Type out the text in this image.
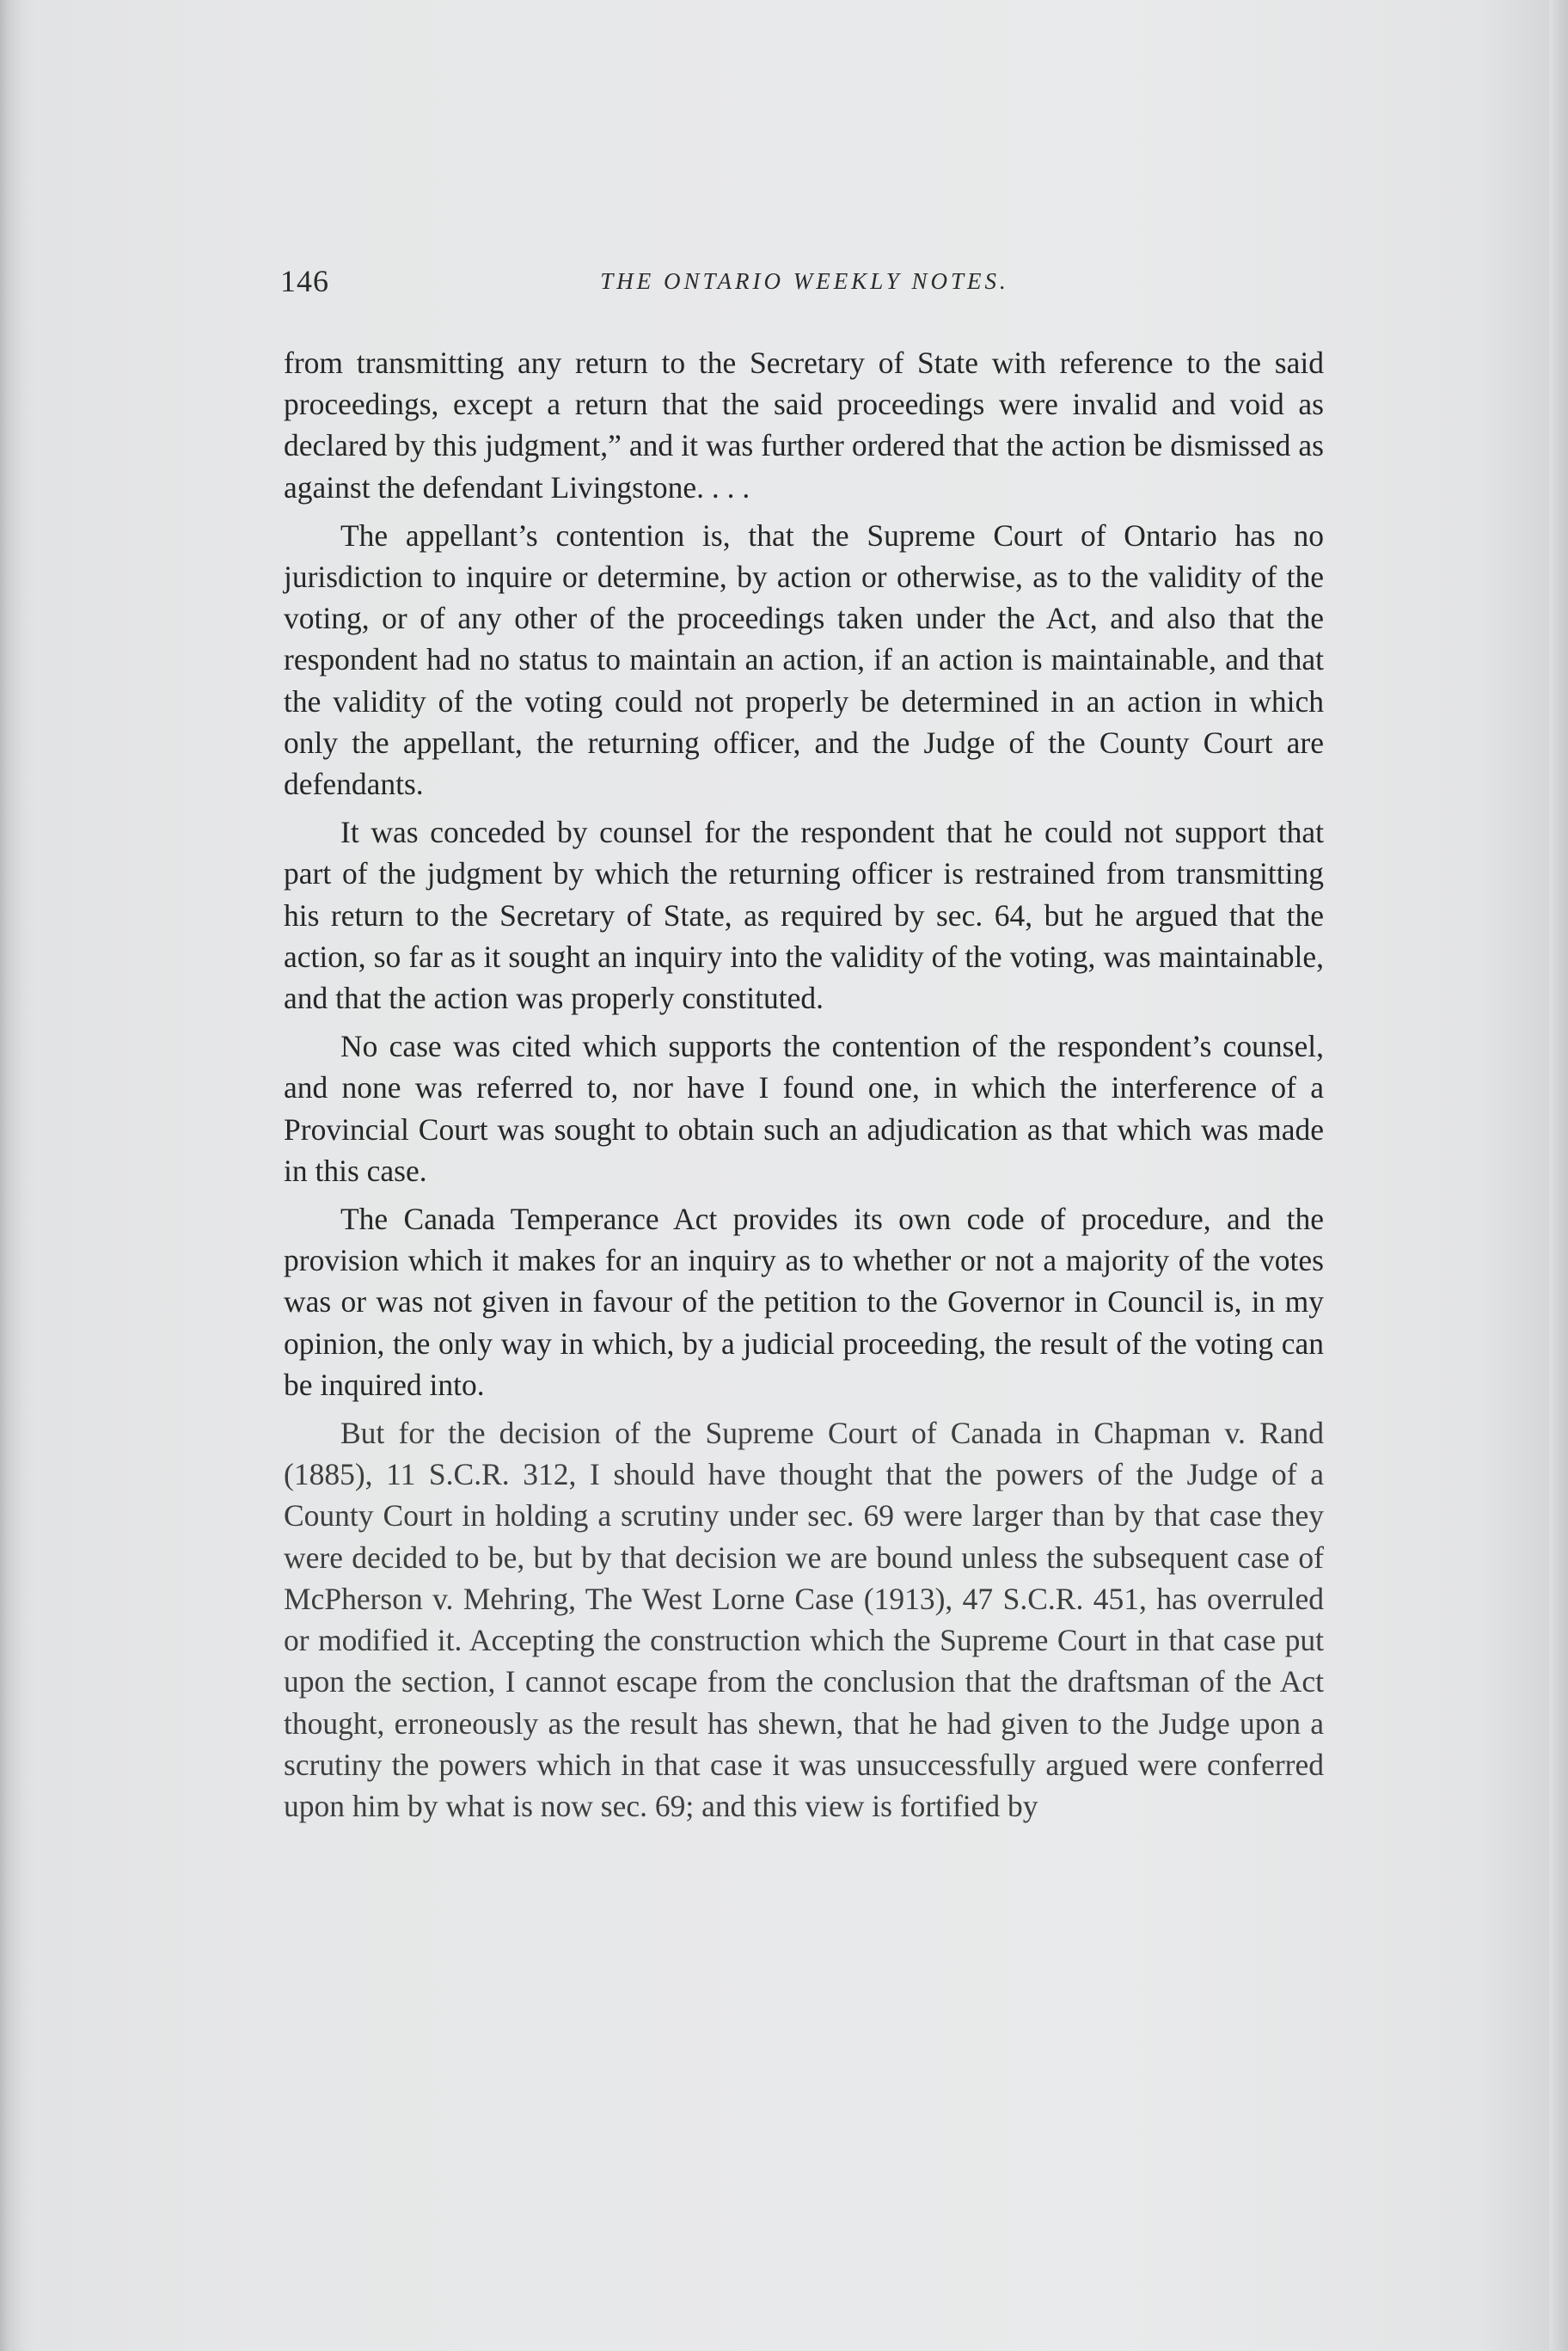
146	THE ONTARIO WEEKLY NOTES.

from transmitting any return to the Secretary of State with reference to the said proceedings, except a return that the said proceedings were invalid and void as declared by this judgment,” and it was further ordered that the action be dismissed as against the defendant Livingstone. . . .

The appellant’s contention is, that the Supreme Court of Ontario has no jurisdiction to inquire or determine, by action or otherwise, as to the validity of the voting, or of any other of the proceedings taken under the Act, and also that the respondent had no status to maintain an action, if an action is maintainable, and that the validity of the voting could not properly be determined in an action in which only the appellant, the returning officer, and the Judge of the County Court are defendants.

It was conceded by counsel for the respondent that he could not support that part of the judgment by which the returning officer is restrained from transmitting his return to the Secretary of State, as required by sec. 64, but he argued that the action, so far as it sought an inquiry into the validity of the voting, was maintainable, and that the action was properly constituted.

No case was cited which supports the contention of the respondent’s counsel, and none was referred to, nor have I found one, in which the interference of a Provincial Court was sought to obtain such an adjudication as that which was made in this case.

The Canada Temperance Act provides its own code of procedure, and the provision which it makes for an inquiry as to whether or not a majority of the votes was or was not given in favour of the petition to the Governor in Council is, in my opinion, the only way in which, by a judicial proceeding, the result of the voting can be inquired into.

But for the decision of the Supreme Court of Canada in Chapman v. Rand (1885), 11 S.C.R. 312, I should have thought that the powers of the Judge of a County Court in holding a scrutiny under sec. 69 were larger than by that case they were decided to be, but by that decision we are bound unless the subsequent case of McPherson v. Mehring, The West Lorne Case (1913), 47 S.C.R. 451, has overruled or modified it. Accepting the construction which the Supreme Court in that case put upon the section, I cannot escape from the conclusion that the draftsman of the Act thought, erroneously as the result has shewn, that he had given to the Judge upon a scrutiny the powers which in that case it was unsuccessfully argued were conferred upon him by what is now sec. 69; and this view is fortified by
